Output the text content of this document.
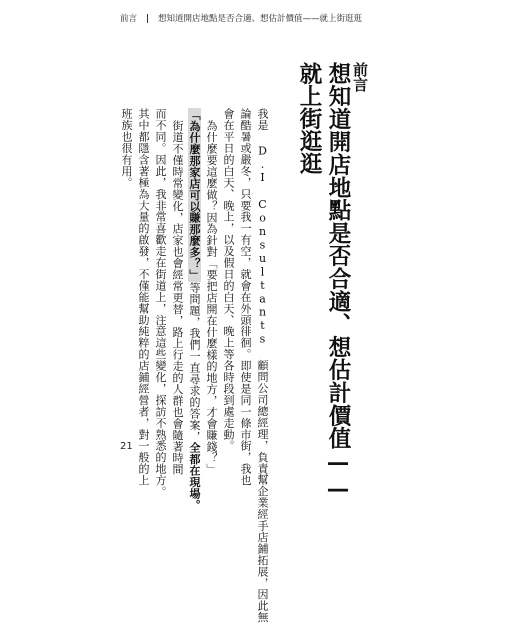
前言 想知道開店地點是否合適、想估計價值——就上街逛逛
前言
想知道開店地點是否合適、想估計價值——
就上街逛逛
我是 D.I Consultants 顧問公司總經理，負責幫企業經手店鋪拓展，因此無
論酷暑或嚴冬，只要我一有空，就會在外頭徘徊。即使是同一條市街，我也
會在平日的白天、晚上，以及假日的白天、晚上等各時段到處走動。
為什麼要這麼做？因為針對「要把店開在什麼樣的地方，才會賺錢？」
「為什麼那家店可以賺那麼多？」等問題，我們一直尋求的答案，全都在現場。
街道不僅時常變化，店家也會經常更替，路上行走的人群也會隨著時間
而不同。因此，我非常喜歡走在街道上，注意這些變化，探訪不熟悉的地方。
其中都隱含著極為大量的啟發，不僅能幫助純粹的店鋪經營者，對一般的上
班族也很有用。
21
